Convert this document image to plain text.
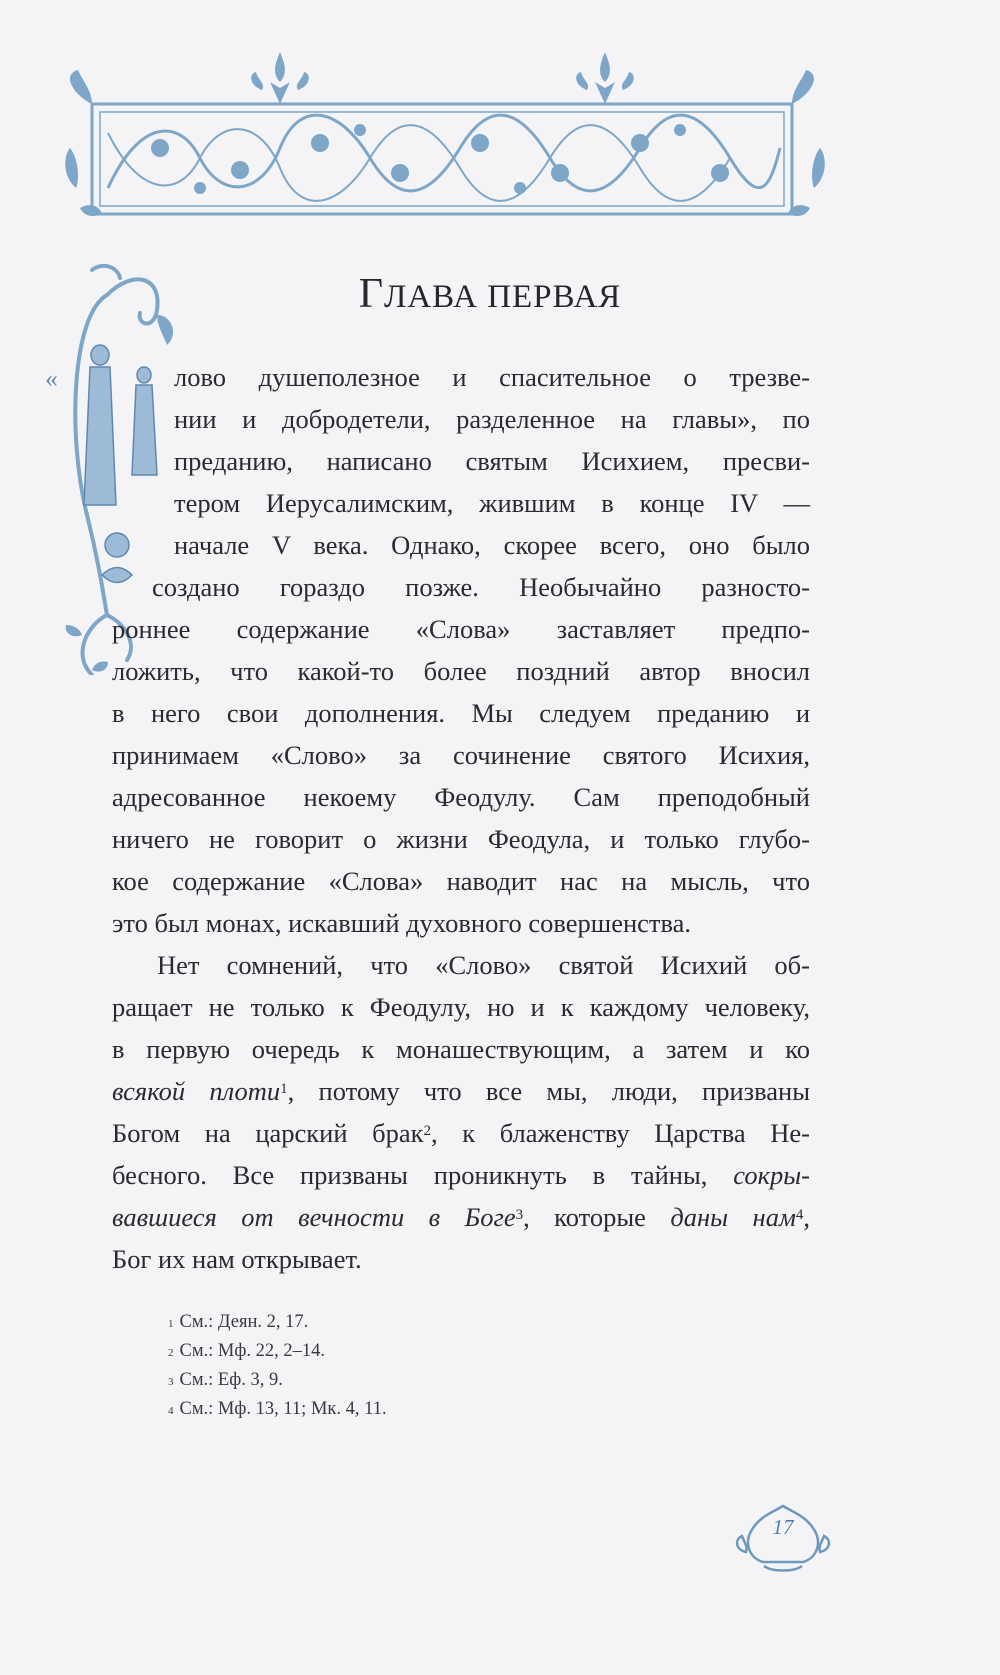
ГЛАВА ПЕРВАЯ
«	лово душеполезное и спасительное о трезве-
нии и добродетели, разделенное на главы», по
преданию, написано святым Исихием, пресви-
тером Иерусалимским, жившим в конце IV —
начале V века. Однако, скорее всего, оно было
создано гораздо позже. Необычайно разносто-
роннее содержание «Слова» заставляет предпо-
ложить, что какой-то более поздний автор вносил
в него свои дополнения. Мы следуем преданию и
принимаем «Слово» за сочинение святого Исихия,
адресованное некоему Феодулу. Сам преподобный
ничего не говорит о жизни Феодула, и только глубо-
кое содержание «Слова» наводит нас на мысль, что
это был монах, искавший духовного совершенства.
Нет сомнений, что «Слово» святой Исихий об-
ращает не только к Феодулу, но и к каждому человеку,
в первую очередь к монашествующим, а затем и ко
всякой плоти$^1$, потому что все мы, люди, призваны
Богом на царский брак$^2$, к блаженству Царства Не-
бесного. Все призваны проникнуть в тайны, сокры-
вавшиеся от вечности в Боге$^3$, которые даны нам$^4$,
Бог их нам открывает.
$^1$ См.: Деян. 2, 17.
$^2$ См.: Мф. 22, 2–14.
$^3$ См.: Еф. 3, 9.
$^4$ См.: Мф. 13, 11; Мк. 4, 11.
17
